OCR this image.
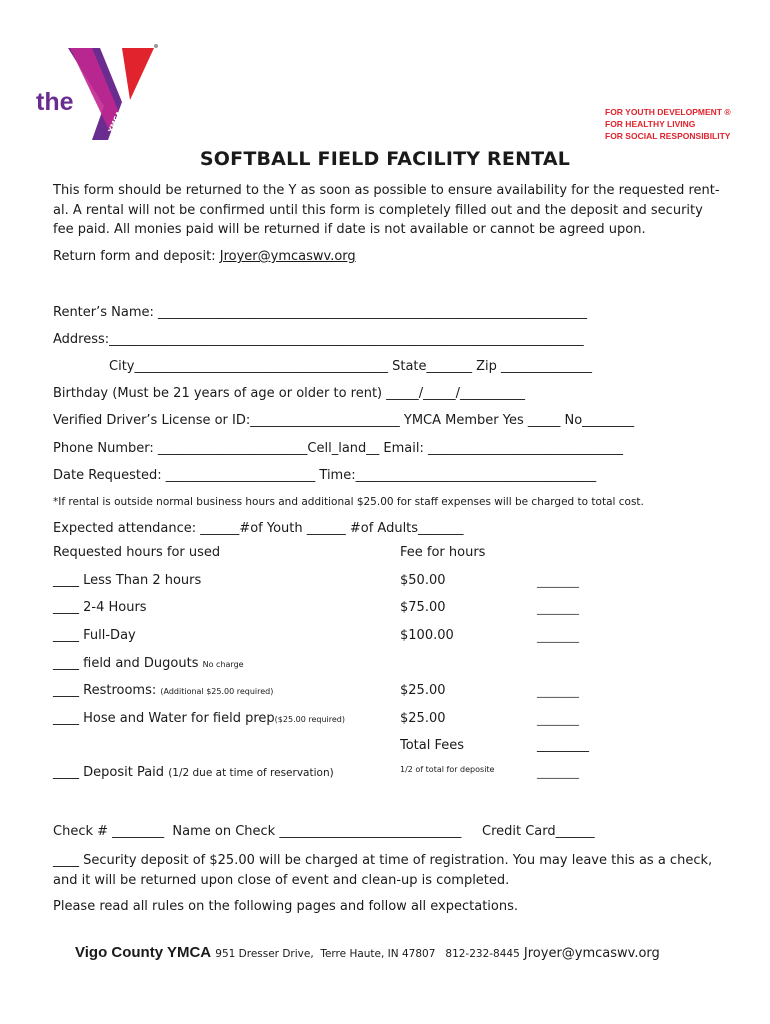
the
YMCA	FOR YOUTH DEVELOPMENT ®
FOR HEALTHY LIVING
FOR SOCIAL RESPONSIBILITY
SOFTBALL FIELD FACILITY RENTAL
This form should be returned to the Y as soon as possible to ensure availability for the requested rent-al. A rental will not be confirmed until this form is completely filled out and the deposit and security fee paid. All monies paid will be returned if date is not available or cannot be agreed upon.
Return form and deposit: Jroyer@ymcaswv.org
Renter’s Name: __________________________________________________________________
Address:_________________________________________________________________________
City_______________________________________ State_______ Zip ______________
Birthday (Must be 21 years of age or older to rent) _____/_____/__________
Verified Driver’s License or ID:_______________________ YMCA Member Yes _____ No________
Phone Number: _______________________Cell_land__ Email: ______________________________
Date Requested: _______________________ Time:_____________________________________
*If rental is outside normal business hours and additional $25.00 for staff expenses will be charged to total cost.
Expected attendance: ______#of Youth ______ #of Adults_______
Requested hours for used	Fee for hours
____ Less Than 2 hours	$50.00	________
____ 2-4 Hours	$75.00	________
____ Full-Day	$100.00	________
____ field and Dugouts No charge
____ Restrooms: (Additional $25.00 required)	$25.00	________
____ Hose and Water for field prep($25.00 required)	$25.00	________
Total Fees	________
____ Deposit Paid (1/2 due at time of reservation)	1/2 of total for deposite	________
Check # ________  Name on Check ____________________________     Credit Card______
____ Security deposit of $25.00 will be charged at time of registration. You may leave this as a check, and it will be returned upon close of event and clean-up is completed.
Please read all rules on the following pages and follow all expectations.
Vigo County YMCA 951 Dresser Drive,  Terre Haute, IN 47807   812-232-8445 Jroyer@ymcaswv.org
